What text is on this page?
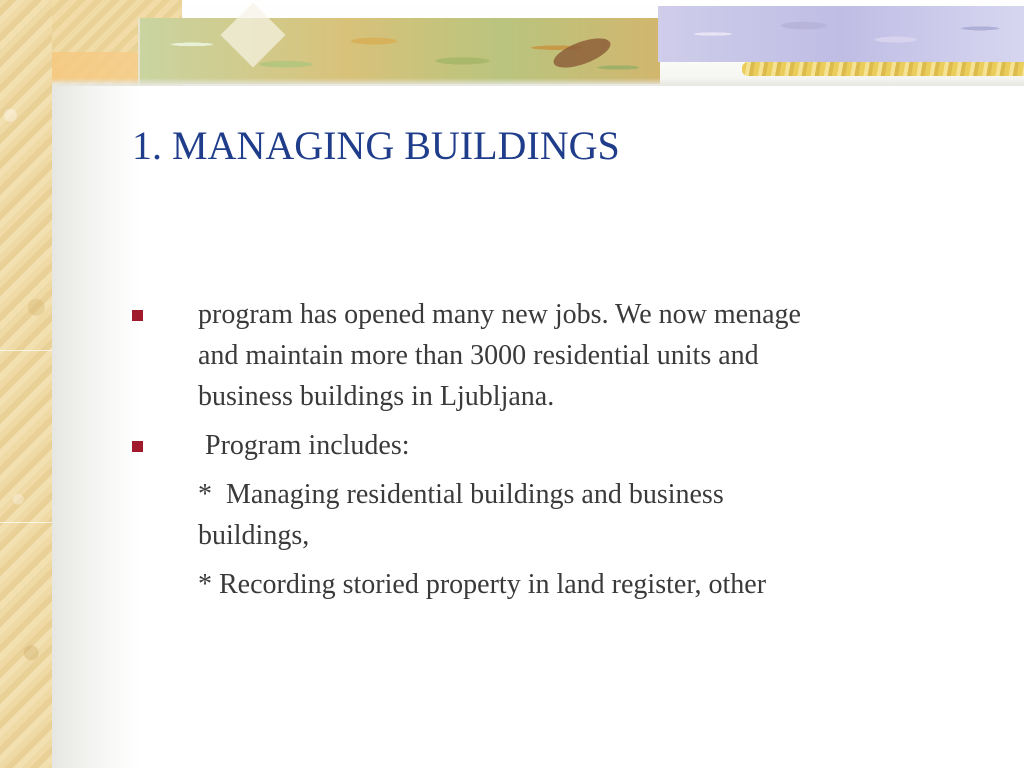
1. MANAGING BUILDINGS

program has opened many new jobs. We now menage

and maintain more than 3000 residential units and

business buildings in Ljubljana.

Program includes:

*  Managing residential buildings and business

buildings,

* Recording storied property in land register, other
